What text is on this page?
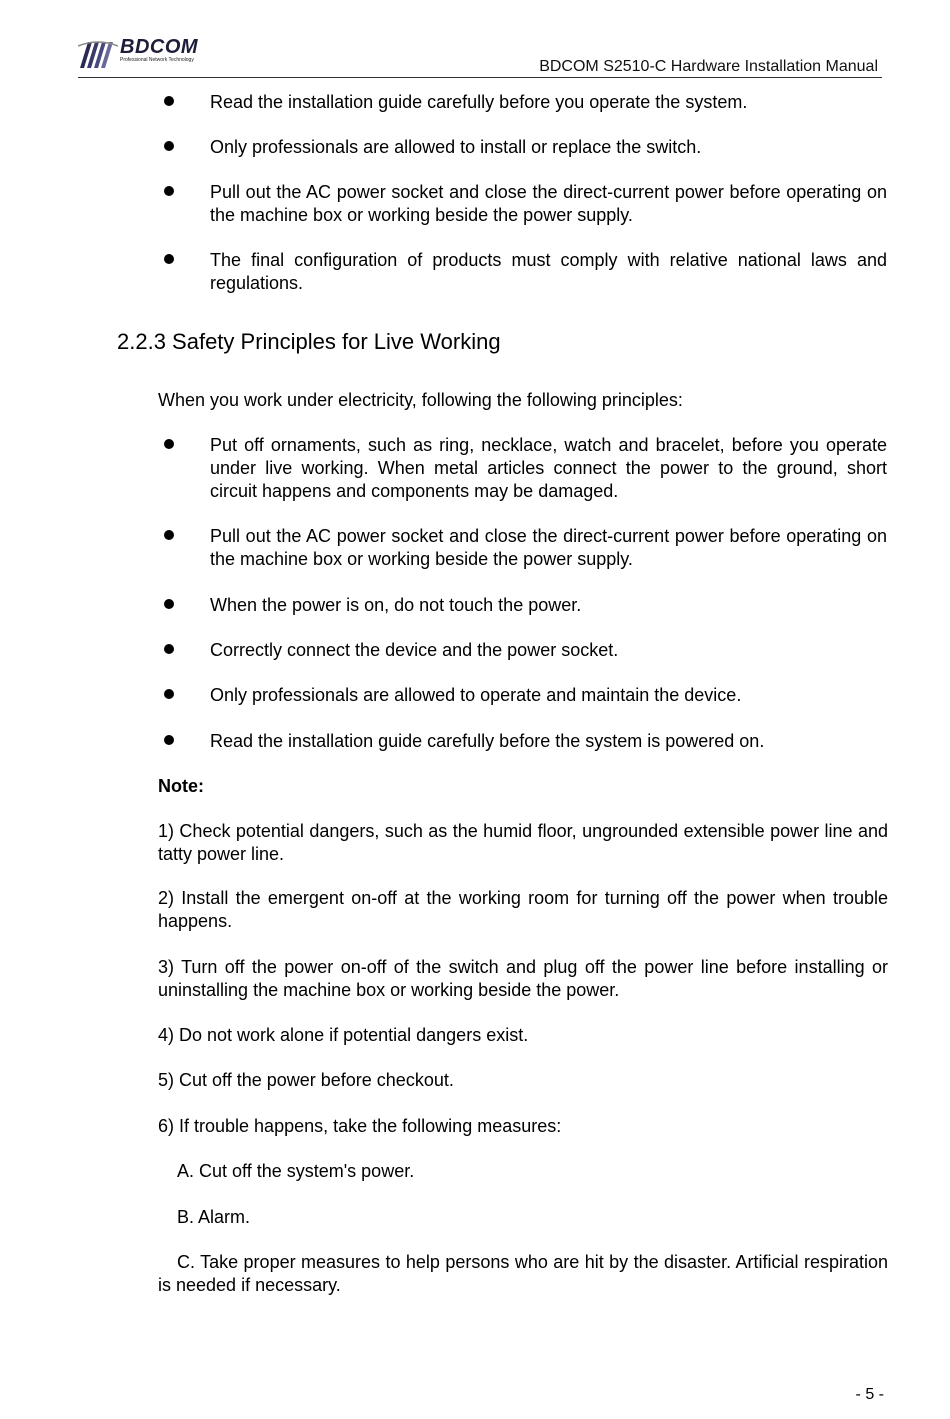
BDCOM
Professional Network Technology	BDCOM S2510-C Hardware Installation Manual
Read the installation guide carefully before you operate the system.
Only professionals are allowed to install or replace the switch.
Pull out the AC power socket and close the direct-current power before operating on the machine box or working beside the power supply.
The final configuration of products must comply with relative national laws and regulations.
2.2.3 Safety Principles for Live Working
When you work under electricity, following the following principles:
Put off ornaments, such as ring, necklace, watch and bracelet, before you operate under live working. When metal articles connect the power to the ground, short circuit happens and components may be damaged.
Pull out the AC power socket and close the direct-current power before operating on the machine box or working beside the power supply.
When the power is on, do not touch the power.
Correctly connect the device and the power socket.
Only professionals are allowed to operate and maintain the device.
Read the installation guide carefully before the system is powered on.
Note:
1) Check potential dangers, such as the humid floor, ungrounded extensible power line and tatty power line.
2) Install the emergent on-off at the working room for turning off the power when trouble happens.
3) Turn off the power on-off of the switch and plug off the power line before installing or uninstalling the machine box or working beside the power.
4) Do not work alone if potential dangers exist.
5) Cut off the power before checkout.
6) If trouble happens, take the following measures:
A. Cut off the system's power.
B. Alarm.
C. Take proper measures to help persons who are hit by the disaster. Artificial respiration is needed if necessary.
- 5 -
